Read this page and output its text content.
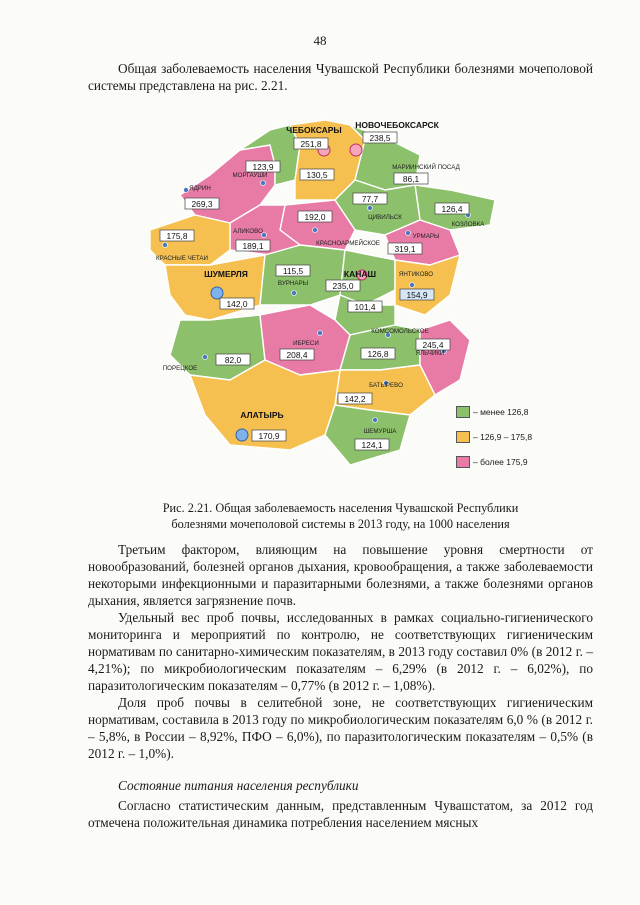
48

Общая заболеваемость населения Чувашской Республики болезнями мочеполовой системы представлена на рис. 2.21.

ЧЕБОКСАРЫ НОВОЧЕБОКСАРСК
МОРГАУШИ
МАРИИНСКИЙ ПОСАД
ЯДРИН
ЦИВИЛЬСК
КОЗЛОВКА
АЛИКОВО
КРАСНОАРМЕЙСКОЕ
УРМАРЫ
КРАСНЫЕ ЧЕТАИ
ШУМЕРЛЯ
ВУРНАРЫ
КАНАШ	ЯНТИКОВО
ПОРЕЦКОЕ
ИБРЕСИ
КОМСОМОЛЬСКОЕ
ЯЛЬЧИКИ
БАТЫРЕВО
АЛАТЫРЬ
ШЕМУРША
251,8
238,5
123,9
130,5	86,1
269,3	77,7
126,4
189,1
192,0
319,1
175,8
142,0
115,5
235,0
154,9
101,4
82,0	208,4	126,8
245,4
142,2
170,9
124,1
– менее 126,8
– 126,9 – 175,8
– более 175,9
Рис. 2.21. Общая заболеваемость населения Чувашской Республики
болезнями мочеполовой системы в 2013 году, на 1000 населения

Третьим фактором, влияющим на повышение уровня смертности от новообразований, болезней органов дыхания, кровообращения, а также заболеваемости некоторыми инфекционными и паразитарными болезнями, а также болезнями органов дыхания, является загрязнение почв.

Удельный вес проб почвы, исследованных в рамках социально-гигиенического мониторинга и мероприятий по контролю, не соответствующих гигиеническим нормативам по санитарно-химическим показателям, в 2013 году составил 0% (в 2012 г. – 4,21%); по микробиологическим показателям – 6,29% (в 2012 г. – 6,02%), по паразитологическим показателям – 0,77% (в 2012 г. – 1,08%).

Доля проб почвы в селитебной зоне, не соответствующих гигиеническим нормативам, составила в 2013 году по микробиологическим показателям 6,0 % (в 2012 г. – 5,8%, в России – 8,92%, ПФО – 6,0%), по паразитологическим показателям – 0,5% (в 2012 г. – 1,0%).

Состояние питания населения республики

Согласно статистическим данным, представленным Чувашстатом, за 2012 год отмечена положительная динамика потребления населением мясных
